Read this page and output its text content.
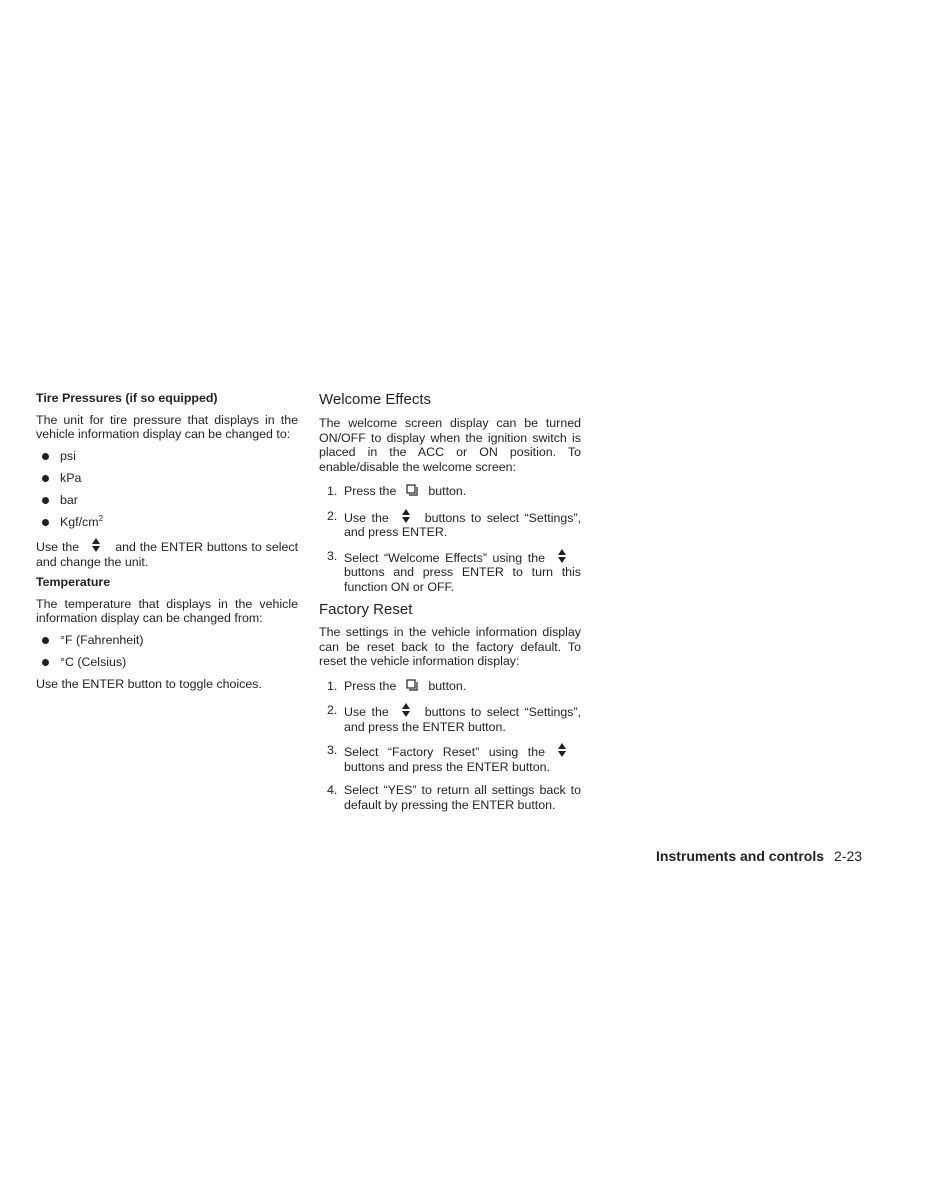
Tire Pressures (if so equipped)

The unit for tire pressure that displays in the vehicle information display can be changed to:

psi
kPa
bar
Kgf/$cm^2$

Use the	and the ENTER buttons to select and change the unit.

Temperature

The temperature that displays in the vehicle information display can be changed from:

°F (Fahrenheit)
°C (Celsius)

Use the ENTER button to toggle choices.

Welcome Effects

The welcome screen display can be turned ON/OFF to display when the ignition switch is placed in the ACC or ON position. To enable/disable the welcome screen:

1. Press the	button.
2. Use the	buttons to select “Settings”, and press ENTER.
3. Select “Welcome Effects” using the
buttons and press ENTER to turn this function ON or OFF.

Factory Reset

The settings in the vehicle information display can be reset back to the factory default. To reset the vehicle information display:

1. Press the	button.
2. Use the	buttons to select “Settings”, and press the ENTER button.
3. Select “Factory Reset” using the
buttons and press the ENTER button.
4. Select “YES” to return all settings back to default by pressing the ENTER button.
Instruments and controls 2-23
